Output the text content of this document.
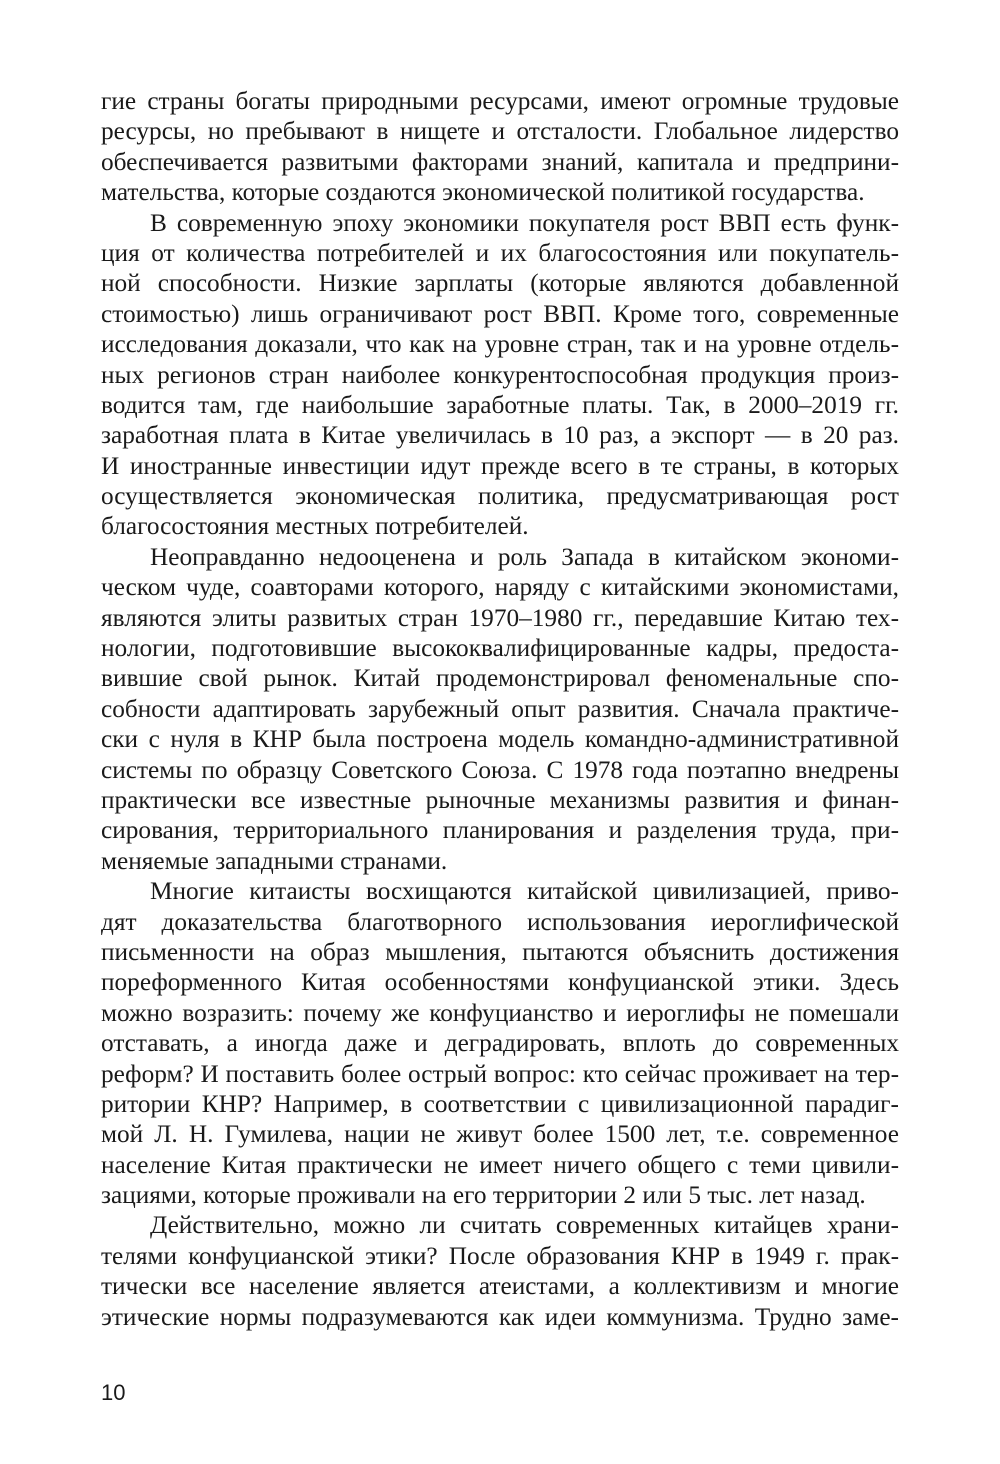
гие страны богаты природными ресурсами, имеют огромные трудовые
ресурсы, но пребывают в нищете и отсталости. Глобальное лидерство
обеспечивается развитыми факторами знаний, капитала и предприни-
мательства, которые создаются экономической политикой государства.
В современную эпоху экономики покупателя рост ВВП есть функ-
ция от количества потребителей и их благосостояния или покупатель-
ной способности. Низкие зарплаты (которые являются добавленной
стоимостью) лишь ограничивают рост ВВП. Кроме того, современные
исследования доказали, что как на уровне стран, так и на уровне отдель-
ных регионов стран наиболее конкурентоспособная продукция произ-
водится там, где наибольшие заработные платы. Так, в 2000–2019 гг.
заработная плата в Китае увеличилась в 10 раз, а экспорт — в 20 раз.
И иностранные инвестиции идут прежде всего в те страны, в которых
осуществляется экономическая политика, предусматривающая рост
благосостояния местных потребителей.
Неоправданно недооценена и роль Запада в китайском экономи-
ческом чуде, соавторами которого, наряду с китайскими экономистами,
являются элиты развитых стран 1970–1980 гг., передавшие Китаю тех-
нологии, подготовившие высококвалифицированные кадры, предоста-
вившие свой рынок. Китай продемонстрировал феноменальные спо-
собности адаптировать зарубежный опыт развития. Сначала практиче-
ски с нуля в КНР была построена модель командно-административной
системы по образцу Советского Союза. С 1978 года поэтапно внедрены
практически все известные рыночные механизмы развития и финан-
сирования, территориального планирования и разделения труда, при-
меняемые западными странами.
Многие китаисты восхищаются китайской цивилизацией, приво-
дят доказательства благотворного использования иероглифической
письменности на образ мышления, пытаются объяснить достижения
пореформенного Китая особенностями конфуцианской этики. Здесь
можно возразить: почему же конфуцианство и иероглифы не помешали
отставать, а иногда даже и деградировать, вплоть до современных
реформ? И поставить более острый вопрос: кто сейчас проживает на тер-
ритории КНР? Например, в соответствии с цивилизационной парадиг-
мой Л. Н. Гумилева, нации не живут более 1500 лет, т.е. современное
население Китая практически не имеет ничего общего с теми цивили-
зациями, которые проживали на его территории 2 или 5 тыс. лет назад.
Действительно, можно ли считать современных китайцев храни-
телями конфуцианской этики? После образования КНР в 1949 г. прак-
тически все население является атеистами, а коллективизм и многие
этические нормы подразумеваются как идеи коммунизма. Трудно заме-
10
